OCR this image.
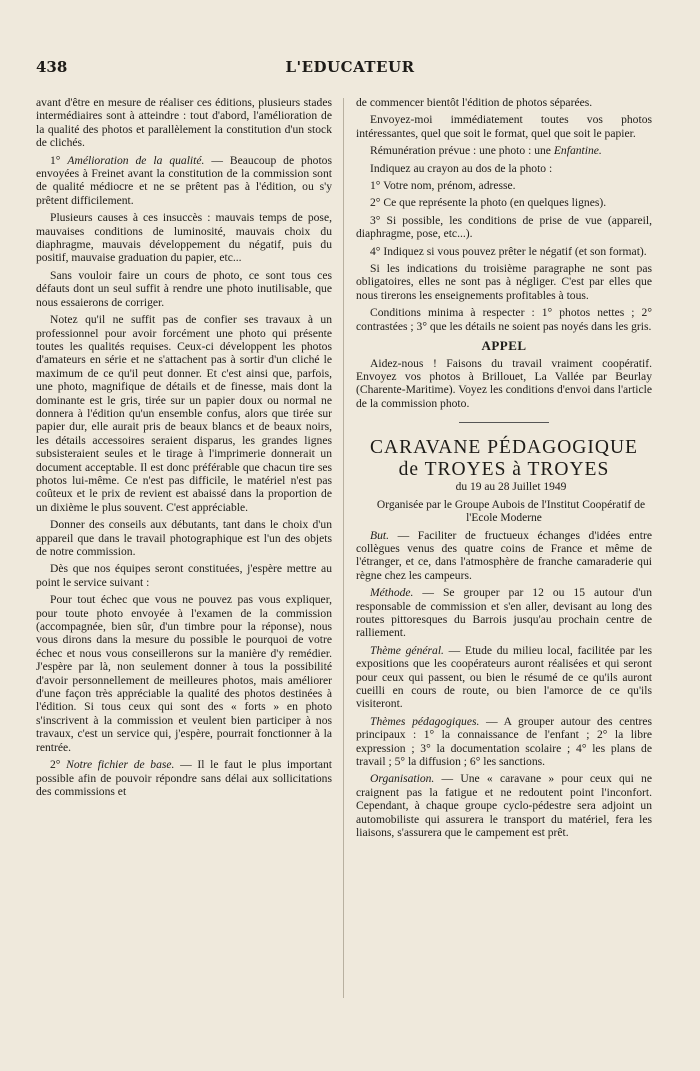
438	L'EDUCATEUR

avant d'être en mesure de réaliser ces éditions, plusieurs stades intermédiaires sont à atteindre : tout d'abord, l'amélioration de la qualité des photos et parallèlement la constitution d'un stock de clichés.

1° Amélioration de la qualité. — Beaucoup de photos envoyées à Freinet avant la constitution de la commission sont de qualité médiocre et ne se prêtent pas à l'édition, ou s'y prêtent difficilement.

Plusieurs causes à ces insuccès : mauvais temps de pose, mauvaises conditions de luminosité, mauvais choix du diaphragme, mauvais développement du négatif, puis du positif, mauvaise graduation du papier, etc...

Sans vouloir faire un cours de photo, ce sont tous ces défauts dont un seul suffit à rendre une photo inutilisable, que nous essaierons de corriger.

Notez qu'il ne suffit pas de confier ses travaux à un professionnel pour avoir forcément une photo qui présente toutes les qualités requises. Ceux-ci développent les photos d'amateurs en série et ne s'attachent pas à sortir d'un cliché le maximum de ce qu'il peut donner. Et c'est ainsi que, parfois, une photo, magnifique de détails et de finesse, mais dont la dominante est le gris, tirée sur un papier doux ou normal ne donnera à l'édition qu'un ensemble confus, alors que tirée sur papier dur, elle aurait pris de beaux blancs et de beaux noirs, les détails accessoires seraient disparus, les grandes lignes subsisteraient seules et le tirage à l'imprimerie donnerait un document acceptable. Il est donc préférable que chacun tire ses photos lui-même. Ce n'est pas difficile, le matériel n'est pas coûteux et le prix de revient est abaissé dans la proportion de un dixième le plus souvent. C'est appréciable.

Donner des conseils aux débutants, tant dans le choix d'un appareil que dans le travail photographique est l'un des objets de notre commission.

Dès que nos équipes seront constituées, j'espère mettre au point le service suivant :

Pour tout échec que vous ne pouvez pas vous expliquer, pour toute photo envoyée à l'examen de la commission (accompagnée, bien sûr, d'un timbre pour la réponse), nous vous dirons dans la mesure du possible le pourquoi de votre échec et nous vous conseillerons sur la manière d'y remédier. J'espère par là, non seulement donner à tous la possibilité d'avoir personnellement de meilleures photos, mais améliorer d'une façon très appréciable la qualité des photos destinées à l'édition. Si tous ceux qui sont des « forts » en photo s'inscrivent à la commission et veulent bien participer à nos travaux, c'est un service qui, j'espère, pourrait fonctionner à la rentrée.

2° Notre fichier de base. — Il le faut le plus important possible afin de pouvoir répondre sans délai aux sollicitations des commissions et

de commencer bientôt l'édition de photos séparées.

Envoyez-moi immédiatement toutes vos photos intéressantes, quel que soit le format, quel que soit le papier.

Rémunération prévue : une photo : une Enfantine.

Indiquez au crayon au dos de la photo :

1° Votre nom, prénom, adresse.

2° Ce que représente la photo (en quelques lignes).

3° Si possible, les conditions de prise de vue (appareil, diaphragme, pose, etc...).

4° Indiquez si vous pouvez prêter le négatif (et son format).

Si les indications du troisième paragraphe ne sont pas obligatoires, elles ne sont pas à négliger. C'est par elles que nous tirerons les enseignements profitables à tous.

Conditions minima à respecter : 1° photos nettes ; 2° contrastées ; 3° que les détails ne soient pas noyés dans les gris.

APPEL

Aidez-nous ! Faisons du travail vraiment coopératif. Envoyez vos photos à Brillouet, La Vallée par Beurlay (Charente-Maritime). Voyez les conditions d'envoi dans l'article de la commission photo.

CARAVANE PÉDAGOGIQUE
de TROYES à TROYES

du 19 au 28 Juillet 1949

Organisée par le Groupe Aubois de l'Institut Coopératif de l'Ecole Moderne

But. — Faciliter de fructueux échanges d'idées entre collègues venus des quatre coins de France et même de l'étranger, et ce, dans l'atmosphère de franche camaraderie qui règne chez les campeurs.

Méthode. — Se grouper par 12 ou 15 autour d'un responsable de commission et s'en aller, devisant au long des routes pittoresques du Barrois jusqu'au prochain centre de ralliement.

Thème général. — Etude du milieu local, facilitée par les expositions que les coopérateurs auront réalisées et qui seront pour ceux qui passent, ou bien le résumé de ce qu'ils auront cueilli en cours de route, ou bien l'amorce de ce qu'ils visiteront.

Thèmes pédagogiques. — A grouper autour des centres principaux : 1° la connaissance de l'enfant ; 2° la libre expression ; 3° la documentation scolaire ; 4° les plans de travail ; 5° la diffusion ; 6° les sanctions.

Organisation. — Une « caravane » pour ceux qui ne craignent pas la fatigue et ne redoutent point l'inconfort. Cependant, à chaque groupe cyclo-pédestre sera adjoint un automobiliste qui assurera le transport du matériel, fera les liaisons, s'assurera que le campement est prêt.
